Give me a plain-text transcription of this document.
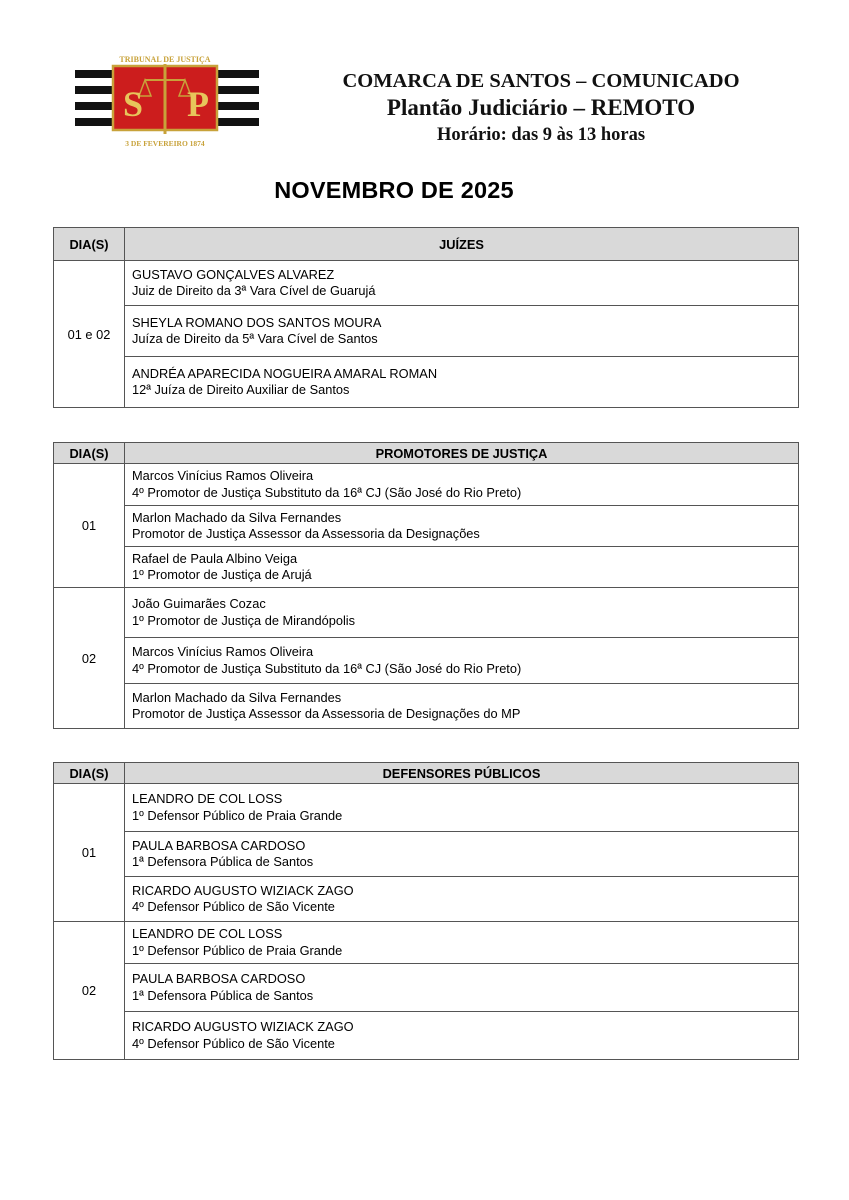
S P
TRIBUNAL DE JUSTIÇA
3 DE FEVEREIRO 1874
COMARCA DE SANTOS – COMUNICADO
Plantão Judiciário – REMOTO
Horário: das 9 às 13 horas
NOVEMBRO DE 2025
DIA(S)	JUÍZES
01 e 02	GUSTAVO GONÇALVES ALVAREZ
Juiz de Direito da 3ª Vara Cível de Guarujá

	SHEYLA ROMANO DOS SANTOS MOURA
Juíza de Direito da 5ª Vara Cível de Santos

	ANDRÉA APARECIDA NOGUEIRA AMARAL ROMAN
12ª Juíza de Direito Auxiliar de Santos
DIA(S)	PROMOTORES DE JUSTIÇA
01	Marcos Vinícius Ramos Oliveira
4º Promotor de Justiça Substituto da 16ª CJ (São José do Rio Preto)

	Marlon Machado da Silva Fernandes
Promotor de Justiça Assessor da Assessoria da Designações

	Rafael de Paula Albino Veiga
1º Promotor de Justiça de Arujá

02	João Guimarães Cozac
1º Promotor de Justiça de Mirandópolis

	Marcos Vinícius Ramos Oliveira
4º Promotor de Justiça Substituto da 16ª CJ (São José do Rio Preto)

	Marlon Machado da Silva Fernandes
Promotor de Justiça Assessor da Assessoria de Designações do MP
DIA(S)	DEFENSORES PÚBLICOS
01	LEANDRO DE COL LOSS
1º Defensor Público de Praia Grande

	PAULA BARBOSA CARDOSO
1ª Defensora Pública de Santos

	RICARDO AUGUSTO WIZIACK ZAGO
4º Defensor Público de São Vicente

02	LEANDRO DE COL LOSS
1º Defensor Público de Praia Grande

	PAULA BARBOSA CARDOSO
1ª Defensora Pública de Santos

	RICARDO AUGUSTO WIZIACK ZAGO
4º Defensor Público de São Vicente
